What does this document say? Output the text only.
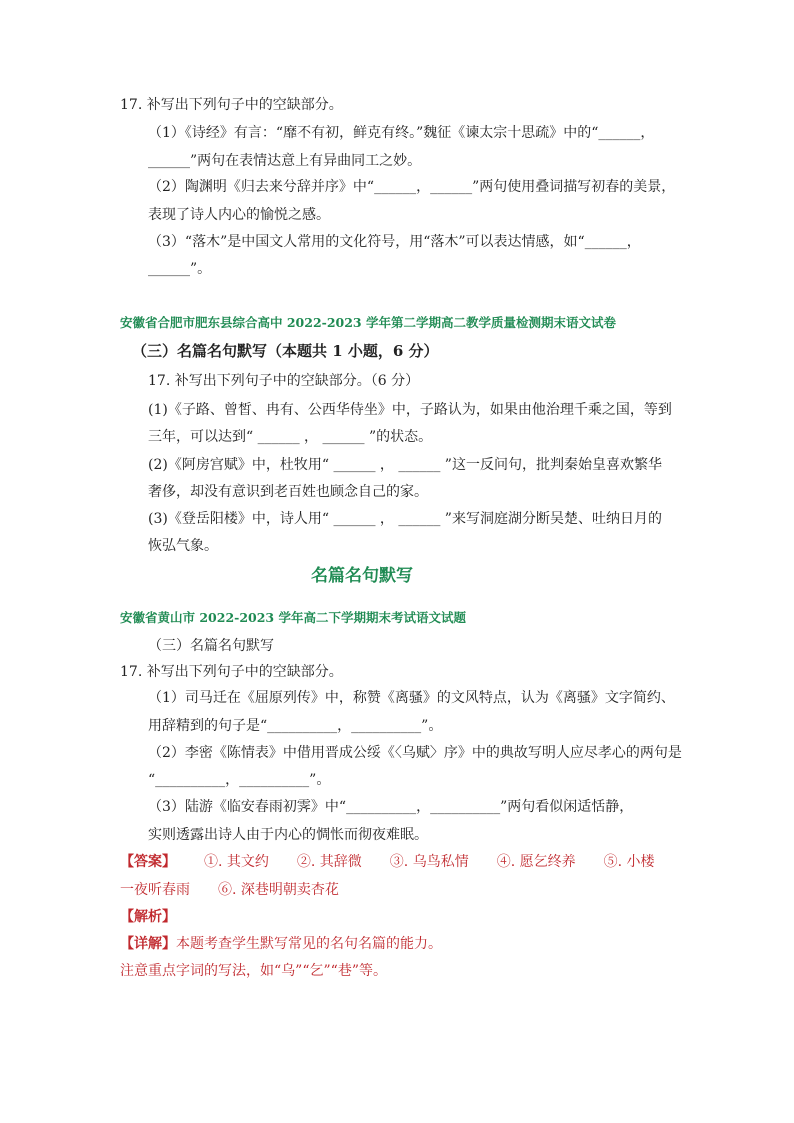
17. 补写出下列句子中的空缺部分。
（1）《诗经》有言：“靡不有初，鲜克有终。”魏征《谏太宗十思疏》中的“______，
______”两句在表情达意上有异曲同工之妙。
（2）陶渊明《归去来兮辞并序》中“______，______”两句使用叠词描写初春的美景，
表现了诗人内心的愉悦之感。
（3）“落木”是中国文人常用的文化符号，用“落木”可以表达情感，如“______，
______”。
安徽省合肥市肥东县综合高中 2022-2023 学年第二学期高二教学质量检测期末语文试卷
（三）名篇名句默写（本题共 1 小题，6 分）
17. 补写出下列句子中的空缺部分。（6 分）
(1)《子路、曾皙、冉有、公西华侍坐》中，子路认为，如果由他治理千乘之国，等到
三年，可以达到“ ______ ， ______ ”的状态。
(2)《阿房宫赋》中，杜牧用“ ______ ， ______ ”这一反问句，批判秦始皇喜欢繁华
奢侈，却没有意识到老百姓也顾念自己的家。
(3)《登岳阳楼》中，诗人用“ ______ ， ______ ”来写洞庭湖分断吴楚、吐纳日月的
恢弘气象。
名篇名句默写
安徽省黄山市 2022-2023 学年高二下学期期末考试语文试题
（三）名篇名句默写
17. 补写出下列句子中的空缺部分。
（1）司马迁在《屈原列传》中，称赞《离骚》的文风特点，认为《离骚》文字简约、
用辞精到的句子是“__________，__________”。
（2）李密《陈情表》中借用晋成公绥《〈乌赋〉序》中的典故写明人应尽孝心的两句是
“__________，__________”。
（3）陆游《临安春雨初霁》中“__________，__________”两句看似闲适恬静，
实则透露出诗人由于内心的惆怅而彻夜难眠。
【答案】 ①. 其文约　　②. 其辞微　　③. 乌鸟私情　　④. 愿乞终养　　⑤. 小楼
一夜听春雨　　⑥. 深巷明朝卖杏花
【解析】
【详解】本题考查学生默写常见的名句名篇的能力。
注意重点字词的写法，如“乌”“乞”“巷”等。
